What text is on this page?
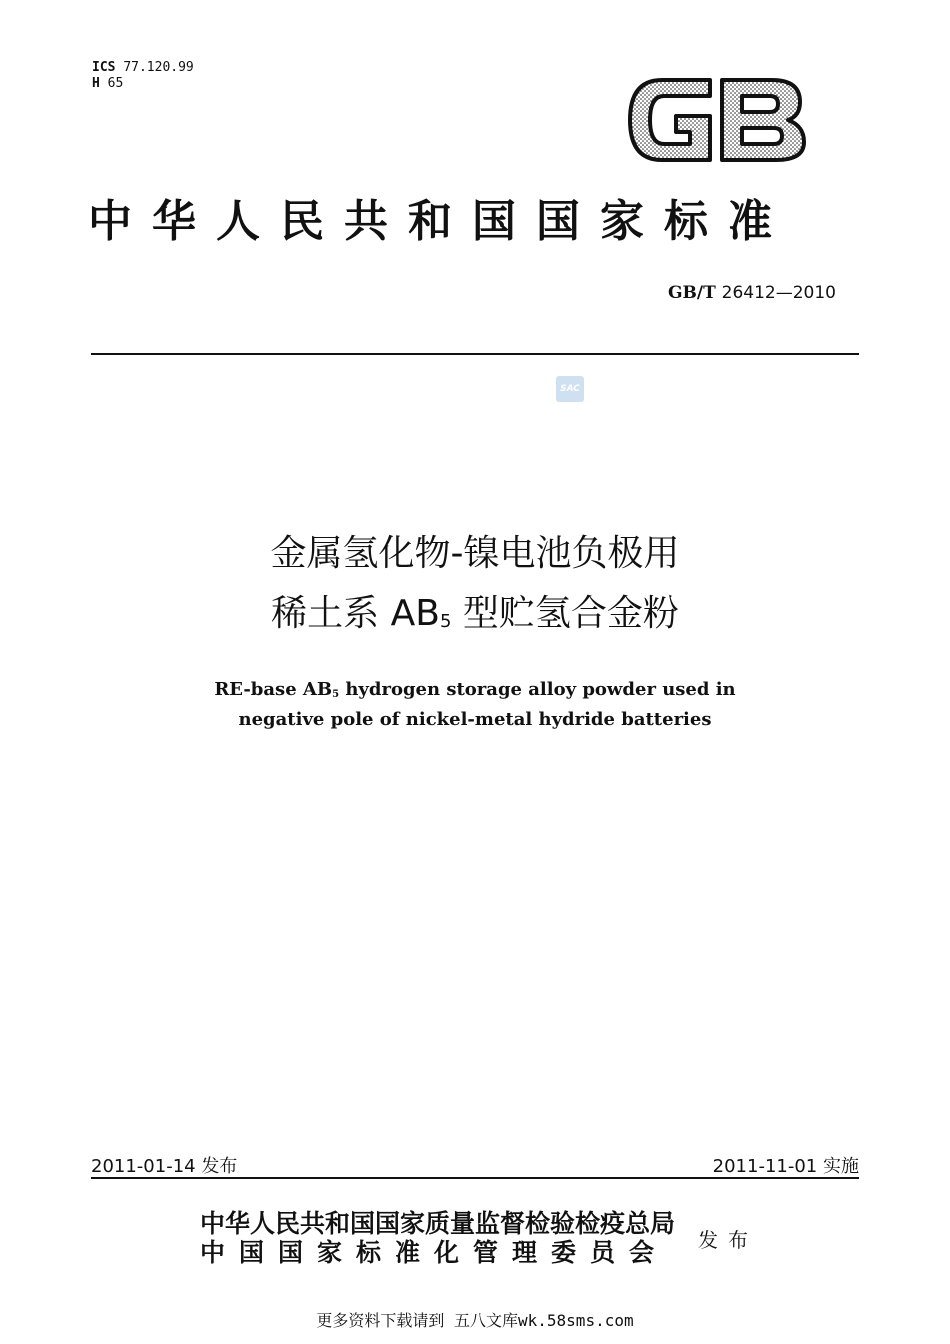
ICS 77.120.99
H 65
中华人民共和国国家标准
GB/T 26412—2010
SAC
金属氢化物-镍电池负极用
稀土系 AB5 型贮氢合金粉
RE-base AB5 hydrogen storage alloy powder used in
negative pole of nickel-metal hydride batteries
2011-01-14 发布	2011-11-01 实施
中华人民共和国国家质量监督检验检疫总局
中国国家标准化管理委员会 发布
更多资料下载请到 五八文库wk.58sms.com
